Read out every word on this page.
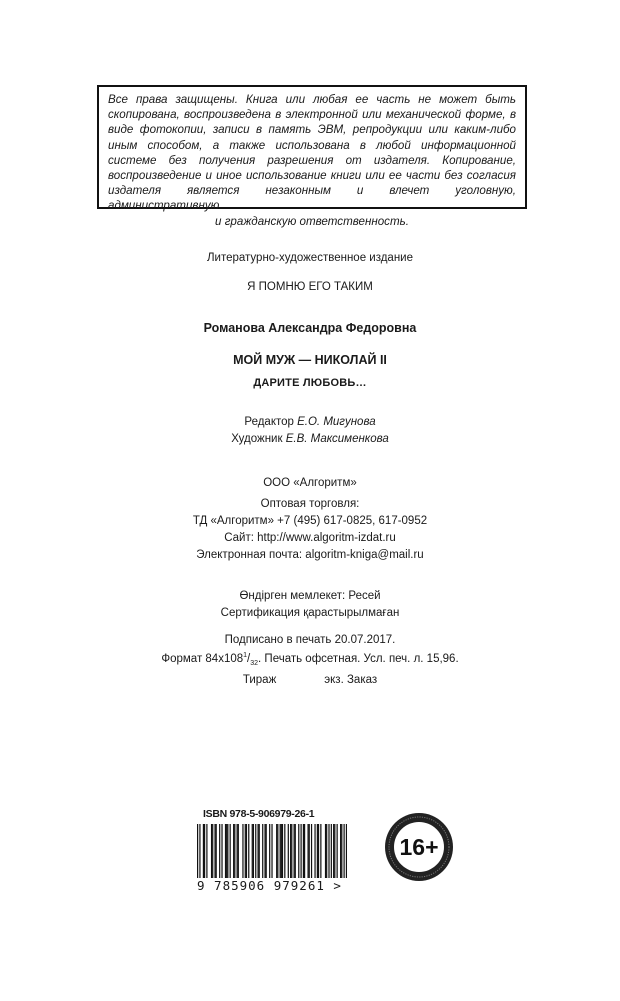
Все права защищены. Книга или любая ее часть не может быть скопирована, воспроизведена в электронной или механической форме, в виде фотокопии, записи в память ЭВМ, репродукции или каким-либо иным способом, а также использована в любой информационной системе без получения разрешения от издателя. Копирование, воспроизведение и иное использование книги или ее части без согласия издателя является незаконным и влечет уголовную, административную
и гражданскую ответственность.
Литературно-художественное издание
Я ПОМНЮ ЕГО ТАКИМ
Романова Александра Федоровна
МОЙ МУЖ — НИКОЛАЙ II
ДАРИТЕ ЛЮБОВЬ…
Редактор Е.О. Мигунова
Художник Е.В. Максименкова
ООО «Алгоритм»
Оптовая торговля:
ТД «Алгоритм» +7 (495) 617-0825, 617-0952
Сайт: http://www.algoritm-izdat.ru
Электронная почта: algoritm-kniga@mail.ru
Өндірген мемлекет: Ресей
Сертификация қарастырылмаған
Подписано в печать 20.07.2017.
Формат $84х108^1/_{32}$. Печать офсетная. Усл. печ. л. 15,96.
Тираж	экз. Заказ
ISBN 978-5-906979-26-1
9 785906 979261 >
16+
